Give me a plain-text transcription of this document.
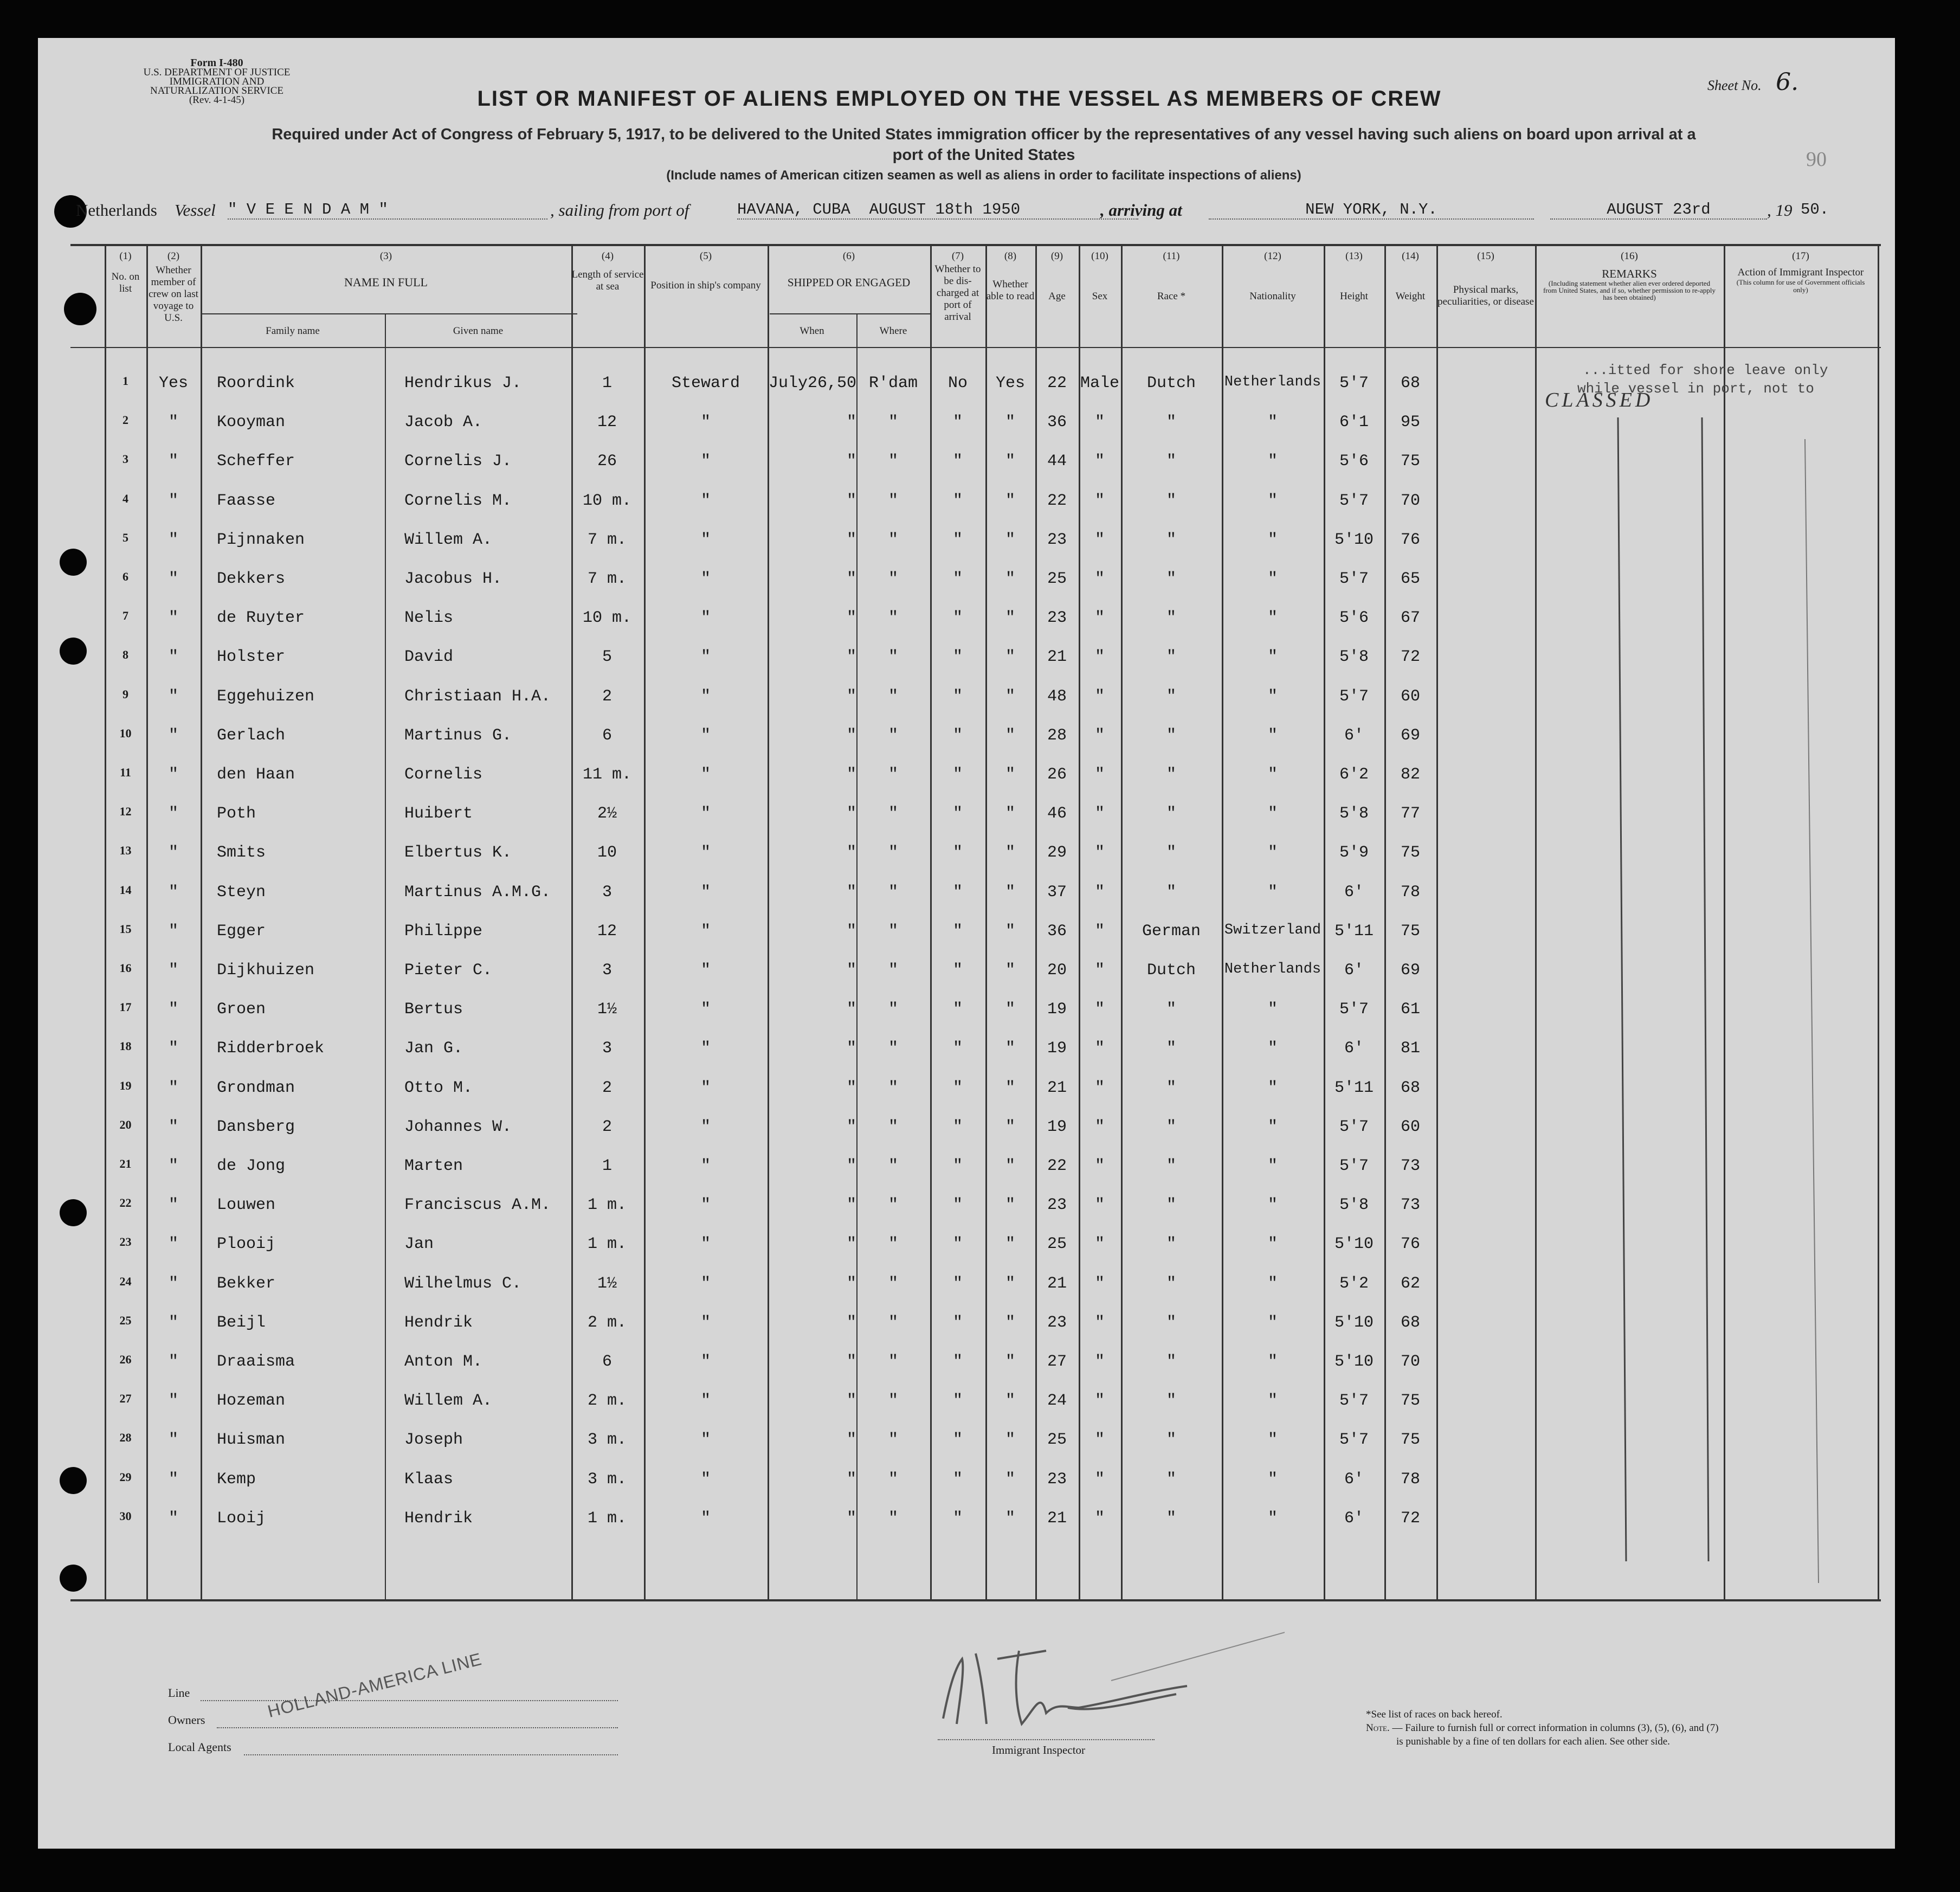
Form I-480
U.S. DEPARTMENT OF JUSTICE
IMMIGRATION AND NATURALIZATION SERVICE
(Rev. 4-1-45)
Sheet No. 6.
90
LIST OR MANIFEST OF ALIENS EMPLOYED ON THE VESSEL AS MEMBERS OF CREW
Required under Act of Congress of February 5, 1917, to be delivered to the United States immigration officer by the representatives of any vessel having such aliens on board upon arrival at a
port of the United States
(Include names of American citizen seamen as well as aliens in order to facilitate inspections of aliens)
Netherlands Vessel " V E E N D A M "	, sailing from port of	HAVANA, CUBA AUGUST 18th 1950	, arriving at	NEW YORK, N.Y.	AUGUST 23rd	, 19 50.
(1)
No. on list
(2)
Whether member of crew on last voyage to U.S.
(3)
NAME IN FULL
Family name	Given name
(4)
Length of service at sea
(5)
Position in ship's company
(6)
SHIPPED OR ENGAGED
When	Where
(7)
Whether to be dis-charged at port of arrival
(8)
Whether able to read
(9)
Age
(10)
Sex
(11)
Race *
(12)
Nationality
(13)
Height
(14)
Weight
(15)
Physical marks, peculiarities, or disease
(16)
REMARKS
(Including statement whether alien ever ordered deported from United States, and if so, whether permission to re-apply has been obtained)
(17)
Action of Immigrant Inspector
(This column for use of Government officials only)
1	Yes	Roordink	Hendrikus J.	1	Steward	July26,50 R'dam	No	Yes	22 Male	Dutch	Netherlands	5'7	68
2	"	Kooyman	Jacob A.	12	"	"	"	"	"	36	"	"	"	6'1	95
3	"	Scheffer	Cornelis J.	26	"	"	"	"	"	44	"	"	"	5'6	75
4	"	Faasse	Cornelis M.	10 m.	"	"	"	"	"	22	"	"	"	5'7	70
5	"	Pijnnaken	Willem A.	7 m.	"	"	"	"	"	23	"	"	"	5'10	76
6	"	Dekkers	Jacobus H.	7 m.	"	"	"	"	"	25	"	"	"	5'7	65
7	"	de Ruyter	Nelis	10 m.	"	"	"	"	"	23	"	"	"	5'6	67
8	"	Holster	David	5	"	"	"	"	"	21	"	"	"	5'8	72
9	"	Eggehuizen	Christiaan H.A.	2	"	"	"	"	"	48	"	"	"	5'7	60
10	"	Gerlach	Martinus G.	6	"	"	"	"	"	28	"	"	"	6'	69
11	"	den Haan	Cornelis	11 m.	"	"	"	"	"	26	"	"	"	6'2	82
12	"	Poth	Huibert	2½	"	"	"	"	"	46	"	"	"	5'8	77
13	"	Smits	Elbertus K.	10	"	"	"	"	"	29	"	"	"	5'9	75
14	"	Steyn	Martinus A.M.G.	3	"	"	"	"	"	37	"	"	"	6'	78
15	"	Egger	Philippe	12	"	"	"	"	"	36	"	German	Switzerland 5'11	75
16	"	Dijkhuizen	Pieter C.	3	"	"	"	"	"	20	"	Dutch	Netherlands	6'	69
17	"	Groen	Bertus	1½	"	"	"	"	"	19	"	"	"	5'7	61
18	"	Ridderbroek	Jan G.	3	"	"	"	"	"	19	"	"	"	6'	81
19	"	Grondman	Otto M.	2	"	"	"	"	"	21	"	"	"	5'11	68
20	"	Dansberg	Johannes W.	2	"	"	"	"	"	19	"	"	"	5'7	60
21	"	de Jong	Marten	1	"	"	"	"	"	22	"	"	"	5'7	73
22	"	Louwen	Franciscus A.M.	1 m.	"	"	"	"	"	23	"	"	"	5'8	73
23	"	Plooij	Jan	1 m.	"	"	"	"	"	25	"	"	"	5'10	76
24	"	Bekker	Wilhelmus C.	1½	"	"	"	"	"	21	"	"	"	5'2	62
25	"	Beijl	Hendrik	2 m.	"	"	"	"	"	23	"	"	"	5'10	68
26	"	Draaisma	Anton M.	6	"	"	"	"	"	27	"	"	"	5'10	70
27	"	Hozeman	Willem A.	2 m.	"	"	"	"	"	24	"	"	"	5'7	75
28	"	Huisman	Joseph	3 m.	"	"	"	"	"	25	"	"	"	5'7	75
29	"	Kemp	Klaas	3 m.	"	"	"	"	"	23	"	"	"	6'	78
30	"	Looij	Hendrik	1 m.	"	"	"	"	"	21	"	"	"	6'	72
...itted for shore leave only
while vessel in port, not to
CLASSED
Line
Owners
Local Agents
HOLLAND-AMERICA LINE
Immigrant Inspector
*See list of races on back hereof.
Note. — Failure to furnish full or correct information in columns (3), (5), (6), and (7)
is punishable by a fine of ten dollars for each alien. See other side.
